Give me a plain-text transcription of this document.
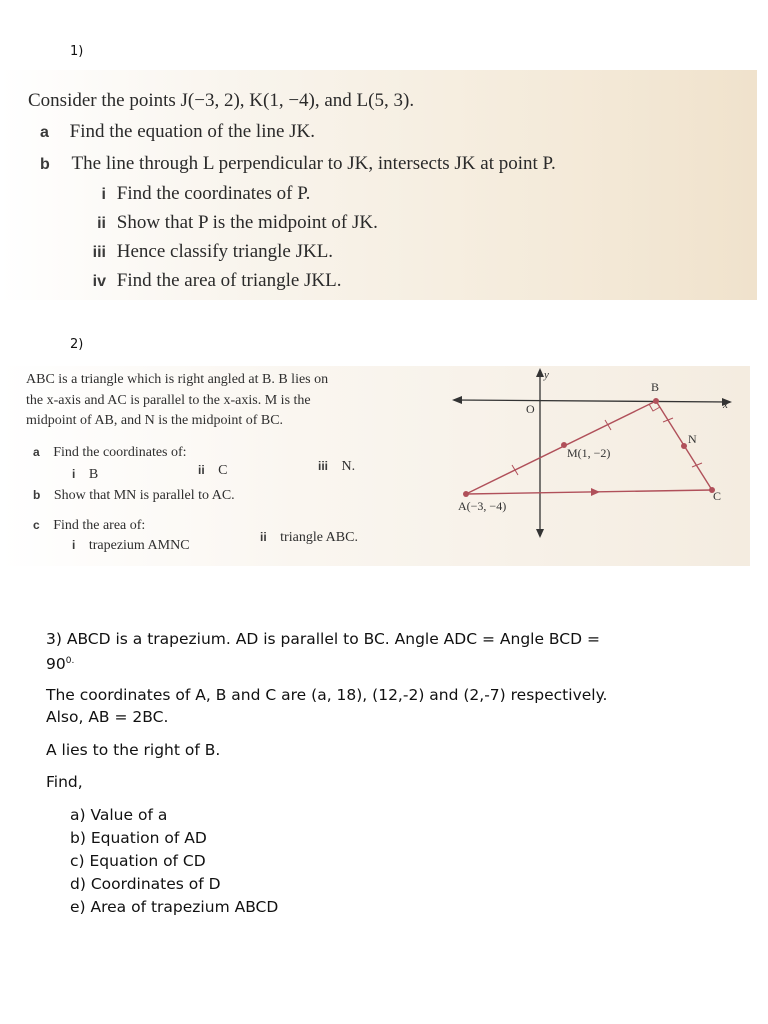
1)
Consider the points J(−3, 2), K(1, −4), and L(5, 3).
a Find the equation of the line JK.
b The line through L perpendicular to JK, intersects JK at point P.
i Find the coordinates of P.
ii Show that P is the midpoint of JK.
iii Hence classify triangle JKL.
iv Find the area of triangle JKL.
2)
ABC is a triangle which is right angled at B. B lies on
the x-axis and AC is parallel to the x-axis. M is the
midpoint of AB, and N is the midpoint of BC.
a Find the coordinates of:
i B	ii C	iii N.
b Show that MN is parallel to AC.
c Find the area of:
i trapezium AMNC
ii triangle ABC.
y
x
O
B
N
C
M(1, −2)
A(−3, −4)
3) ABCD is a trapezium. AD is parallel to BC. Angle ADC = Angle BCD =
$90^{0.}$
The coordinates of A, B and C are (a, 18), (12,-2) and (2,-7) respectively.
Also, AB = 2BC.
A lies to the right of B.
Find,
a) Value of a
b) Equation of AD
c) Equation of CD
d) Coordinates of D
e) Area of trapezium ABCD
